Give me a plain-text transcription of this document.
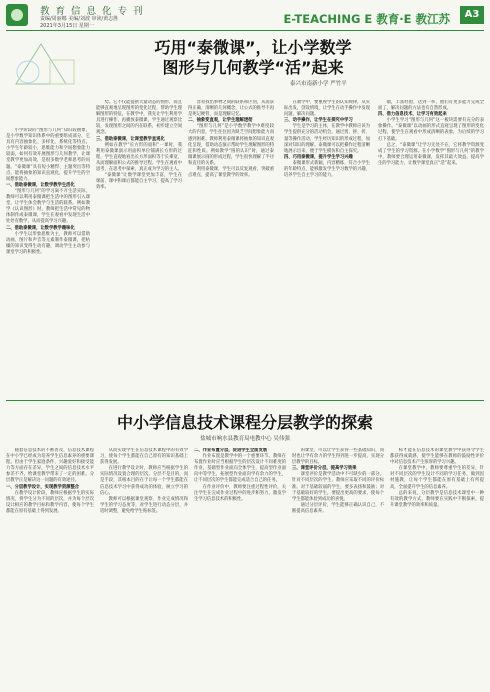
教育信息化专刊
责编/周丽娜 美编/刘波 审读/黄志胜
2021年3月15日 星期一	E-TEACHING E 教育·E 教江苏	A3
巧用“泰微课”，让小学数学
图形与几何教学“活”起来
泰兴市南新小学 严竹平

小学阶段的“图形与几何”知识较抽象，是小学数学知识体系中的重要组成部分，它具有内容抽象化、多样化、系统化等特点。小学生年龄较小，思维能力和空间想象能力较弱，如何有效开展图形与几何教学，让课堂教学更加高效，是很多数学老师思考的问题。“泰微课”具有短小精悍、主题突出等特点，能将抽象的知识直观化，提升学生的空间想象能力。

一、借助泰微课，让数学教学生活化

“图形与几何”的学习离不开生活实际，教师可以利用泰微课把生活中的图形引入课堂，让学生体会数学与生活的联系。例如教学《认识图形》时，教师把生活中常见的物体制作成泰微课，学生在观看中发现生活中处处有数学，从而提高学习兴趣。

二、借助泰微课，让数学教学趣味化

小学生以形象思维为主，教师可以借助动画、图片和声音等元素制作泰微课，把枯燥的知识变得生动有趣，调动学生主动参与课堂学习的积极性。

势。它不仅能提供大量动态的图形，而且能够直观地呈现图形的变化过程，帮助学生理解图形的特征。在教学中，我先让学生利用学具进行操作，再播放泰微课，学生通过观察比较，发现图形之间的内在联系，初步建立空间观念。

三、借助泰微课，让课堂教学直观化

例如在教学“长方形的面积”一课时，我利用泰微课演示用面积单位铺满长方形的过程，学生直观地看出长方形面积等于长乘宽，从而理解面积公式的推导过程。学生在观看中思考，在思考中探索，真正成为学习的主人。

“泰微课”让数学课堂更加丰富，学生在课前、课中和课后都能自主学习，提高了学习效率。

容易找出事物之间的联系和区别，从而获得正确、清晰的几何概念，让公式的推导不再是死记硬背，而是理解记忆。

二、抽象变直观，让学生理解透彻

“图形与几何”是小学数学教学中难度较大的内容，学生往往因为缺乏空间想象能力而感到困难。教师利用泰微课将抽象的知识直观化呈现，借助动态演示帮助学生理解图形的特征和性质。例如教学“圆的认识”时，通过泰微课展示圆的形成过程，学生很快理解了半径和直径的关系。

利用泰微课，学生可以反复观看，突破重点难点，提高了课堂教学的效率。

在教学中，要重视学生的认知规律，从实际出发，创设情境，让学生在动手操作中发现问题、解决问题。

三、动手操作，让学生在探究中学习

学生是学习的主体，在教学中教师应该为学生提供充分的活动机会。通过剪、拼、折、量等操作活动，学生经历知识的形成过程，加深对知识的理解。泰微课可以把操作过程清晰地展示出来，便于学生模仿和自主探究。

四、巧用泰微课，提升学生学习兴趣

泰微课形式新颖，内容精练，符合小学生的年龄特点，能够激发学生学习数学的兴趣，培养学生自主学习的能力。

础，丰富经验，达到一举，他们有更多能力完成全面了，解决问题的方法也有自然形成。

四、借力信息技术，让学习有效起来

小学生学习“图形与几何”这一板块需要有充分的表象操作。“泰微课”以动画的形式直观呈现了图形的变化过程，使学生在观看中形成清晰的表象，为后续的学习打下基础。

总之，“泰微课”让学习无处不在，它将教学资源变成了学生的学习资源。在小学数学“图形与几何”的教学中，教师要合理运用泰微课，发挥其最大效益，提高学生的学习能力，让数学课堂真正“活”起来。

中小学信息技术课程分层教学的探索
盐城市响水县教育局电教中心 吴伟强

随着信息技术的不断普及，信息技术课程在中小学已经成为培养学生信息素养的重要课程。但由于学生家庭条件、兴趣爱好和接受能力等方面存在差异，学生之间的信息技术水平参差不齐，给课堂教学带来了一定的困难。分层教学正是解决这一问题的有效途径。

一、分层教学设计，实现教学资源整合

在教学设计阶段，教师应根据学生的实际情况，将学生分为不同的层次，并为每个层次设计相应的教学目标和教学内容，使每个学生都能在原有基础上得到发展。

从而实现学生在信息技术课程中的有效学习，使每个学生都能在自己原有的知识基础上获得发展。

在进行教学设计时，教师应当根据学生的实际情况设置合理的层次。分层不是目的，而是手段，其根本目的在于让每一个学生都能在信息技术学习中获得成功的体验，树立学习的信心。

教师可以根据课堂观察、作业完成情况和学生的学习态度等，对学生进行动态分层，并适时调整，避免给学生贴标签。

二、作业布置分层，促进学生全面发展

作业布置是教学中的一个重要环节。教师在布置作业时应当根据学生的层次设计不同难度的作业，基础型作业面向全体学生，提高型作业面向中等学生，拓展型作业面向学有余力的学生，让不同层次的学生都能完成适合自己的任务。

在作业评价中，教师要注重过程性评价，关注学生在完成作业过程中的进步和努力，激发学生学习信息技术的积极性。

的课堂，可以让学生获得一些基础知识，同时也让学有余力的学生得到进一步提高，实现分层教学的目标。

三、课堂评价分层，提高学习效果

课堂评价是教学活动中不可缺少的一部分。针对不同层次的学生，教师应采取不同的评价标准。对于基础较弱的学生，要多表扬和鼓励；对于基础较好的学生，要提出更高的要求，使每个学生都能体验到成功的喜悦。

通过分层评价，学生能够正确认识自己，不断提高信息素养。

标才能在信息技术的课堂教学中获得令学生都获得成就感，使学生能够在教师的鼓励性评价中对信息技术产生浓厚的学习兴趣。

在课堂教学中，教师要尊重学生的差异，针对不同层次的学生设计不同的学习任务，做到因材施教，让每个学生都能在原有基础上有所提高，全面提升学生的信息素养。

总的来说，分层教学是信息技术课堂中一种有效的教学方式，教师要在实践中不断探索，提升课堂教学的效率和质量。
